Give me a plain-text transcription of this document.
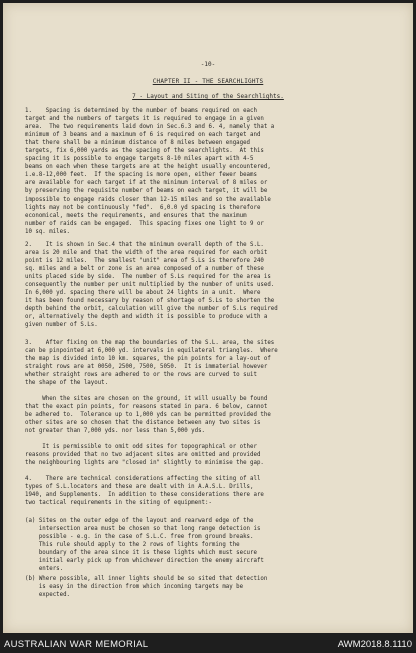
-10-
CHAPTER II - THE SEARCHLIGHTS
7 - Layout and Siting of the Searchlights.
1.    Spacing is determined by the number of beams required on each
target and the numbers of targets it is required to engage in a given
area.  The two requirements laid down in Sec.6.3 and 6. 4, namely that a
minimum of 3 beams and a maximum of 6 is required on each target and
that there shall be a minimum distance of 8 miles between engaged
targets, fix 6,000 yards as the spacing of the searchlights.  At this
spacing it is possible to engage targets 8-10 miles apart with 4-5
beams on each when these targets are at the height usually encountered,
i.e.8-12,000 feet.  If the spacing is more open, either fewer beams
are available for each target if at the minimum interval of 8 miles or
by preserving the requisite number of beams on each target, it will be
impossible to engage raids closer than 12-15 miles and so the available
lights may not be continuously "fed".  6,0.0 yd spacing is therefore
economical, meets the requirements, and ensures that the maximum
number of raids can be engaged.  This spacing fixes one light to 9 or
10 sq. miles.
2.    It is shown in Sec.4 that the minimum overall depth of the S.L.
area is 20 mile and that the width of the area required for each orbit
point is 12 miles.  The smallest "unit" area of S.Ls is therefore 240
sq. miles and a belt or zone is an area composed of a number of these
units placed side by side.  The number of S.Ls required for the area is
consequently the number per unit multiplied by the number of units used.
In 6,000 yd. spacing there will be about 24 lights in a unit.  Where
it has been found necessary by reason of shortage of S.Ls to shorten the
depth behind the orbit, calculation will give the number of S.Ls required
or, alternatively the depth and width it is possible to produce with a
given number of S.Ls.
3.    After fixing on the map the boundaries of the S.L. area, the sites
can be pinpointed at 6,000 yd. intervals in equilateral triangles.  Where
the map is divided into 10 km. squares, the pin points for a lay-out of
straight rows are at 0050, 2500, 7500, 5050.  It is immaterial however
whether straight rows are adhered to or the rows are curved to suit
the shape of the layout.
When the sites are chosen on the ground, it will usually be found
that the exact pin points, for reasons stated in para. 6 below, cannot
be adhered to.  Tolerance up to 1,000 yds can be permitted provided the
other sites are so chosen that the distance between any two sites is
not greater than 7,000 yds. nor less than 5,000 yds.
It is permissible to omit odd sites for topographical or other
reasons provided that no two adjacent sites are omitted and provided
the neighbouring lights are "closed in" slightly to minimise the gap.
4.    There are technical considerations affecting the siting of all
types of S.L.locators and these are dealt with in A.A.S.L. Drills,
1940, and Supplements.  In addition to these considerations there are
two tactical requirements in the siting of equipment:-
(a) Sites on the outer edge of the layout and rearward edge of the
intersection area must be chosen so that long range detection is
possible - e.g. in the case of S.L.C. free from ground breaks.
This rule should apply to the 2 rows of lights forming the
boundary of the area since it is these lights which must secure
initial early pick up from whichever direction the enemy aircraft
enters.
(b) Where possible, all inner lights should be so sited that detection
is easy in the direction from which incoming targets may be
expected.
AUSTRALIAN WAR MEMORIAL	AWM2018.8.1110
